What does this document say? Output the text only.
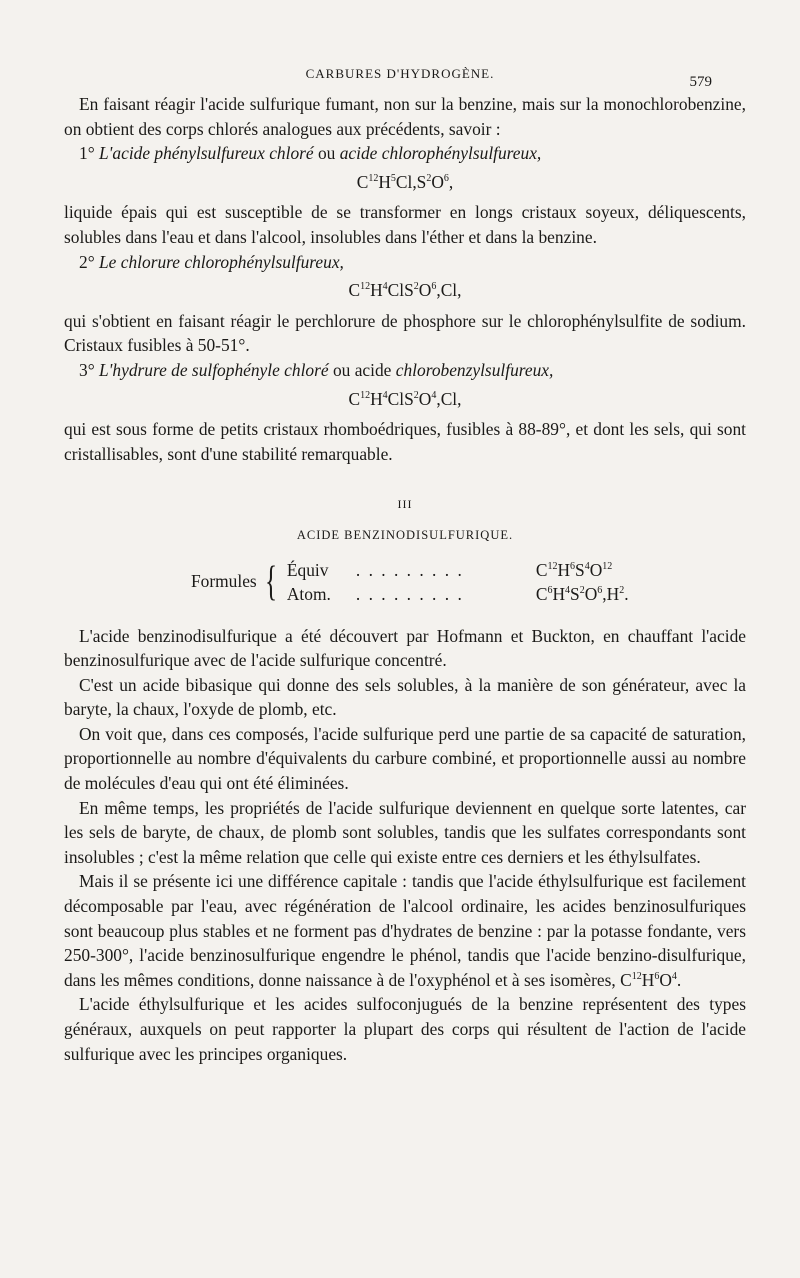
CARBURES D'HYDROGÈNE.
579

En faisant réagir l'acide sulfurique fumant, non sur la benzine, mais sur la monochlorobenzine, on obtient des corps chlorés analogues aux précédents, savoir :

1° L'acide phénylsulfureux chloré ou acide chlorophénylsulfureux,

$C^{12}H^5Cl,S^2O^6$,

liquide épais qui est susceptible de se transformer en longs cristaux soyeux, déliquescents, solubles dans l'eau et dans l'alcool, insolubles dans l'éther et dans la benzine.

2° Le chlorure chlorophénylsulfureux,

$C^{12}H^4ClS^2O^6,Cl$,

qui s'obtient en faisant réagir le perchlorure de phosphore sur le chlorophénylsulfite de sodium. Cristaux fusibles à 50-51°.

3° L'hydrure de sulfophényle chloré ou acide chlorobenzylsulfureux,

$C^{12}H^4ClS^2O^4,Cl$,

qui est sous forme de petits cristaux rhomboédriques, fusibles à 88-89°, et dont les sels, qui sont cristallisables, sont d'une stabilité remarquable.

III
ACIDE BENZINODISULFURIQUE.
Formules { Équiv	. . . . . . . . .	$C^{12}H^6S^4O^{12}$
Atom.	. . . . . . . . .	$C^6H^4S^2O^6,H^2$.

L'acide benzinodisulfurique a été découvert par Hofmann et Buckton, en chauffant l'acide benzinosulfurique avec de l'acide sulfurique concentré.

C'est un acide bibasique qui donne des sels solubles, à la manière de son générateur, avec la baryte, la chaux, l'oxyde de plomb, etc.

On voit que, dans ces composés, l'acide sulfurique perd une partie de sa capacité de saturation, proportionnelle au nombre d'équivalents du carbure combiné, et proportionnelle aussi au nombre de molécules d'eau qui ont été éliminées.

En même temps, les propriétés de l'acide sulfurique deviennent en quelque sorte latentes, car les sels de baryte, de chaux, de plomb sont solubles, tandis que les sulfates correspondants sont insolubles ; c'est la même relation que celle qui existe entre ces derniers et les éthylsulfates.

Mais il se présente ici une différence capitale : tandis que l'acide éthylsulfurique est facilement décomposable par l'eau, avec régénération de l'alcool ordinaire, les acides benzinosulfuriques sont beaucoup plus stables et ne forment pas d'hydrates de benzine : par la potasse fondante, vers 250-300°, l'acide benzinosulfurique engendre le phénol, tandis que l'acide benzino-disulfurique, dans les mêmes conditions, donne naissance à de l'oxyphénol et à ses isomères, $C^{12}H^6O^4$.

L'acide éthylsulfurique et les acides sulfoconjugués de la benzine représentent des types généraux, auxquels on peut rapporter la plupart des corps qui résultent de l'action de l'acide sulfurique avec les principes organiques.
